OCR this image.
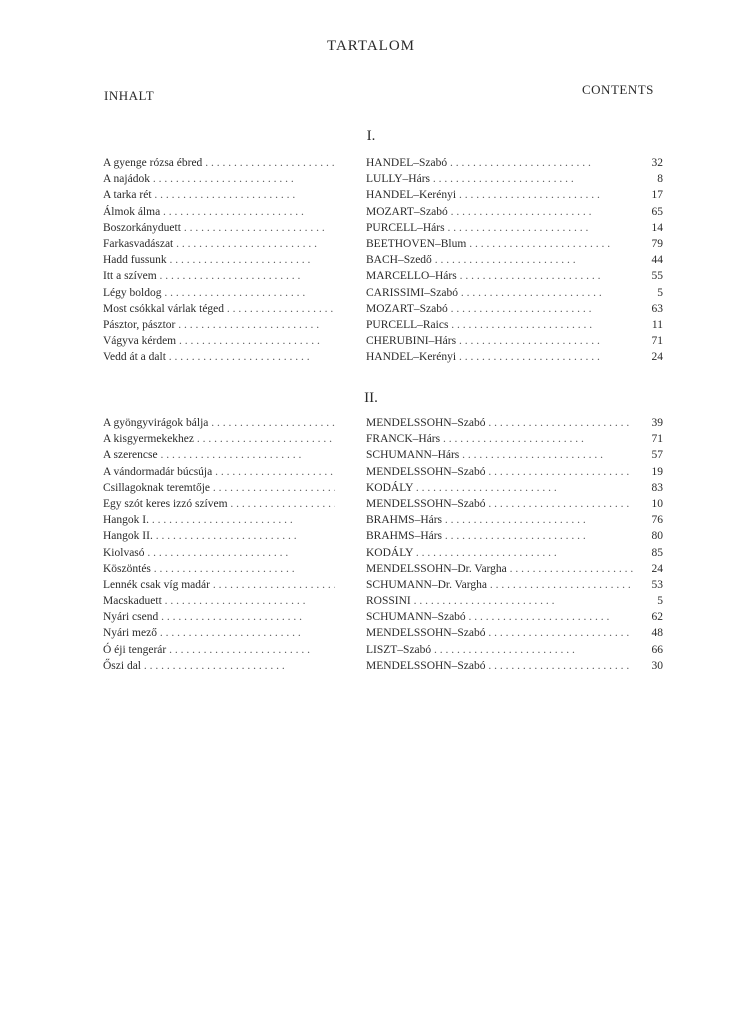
TARTALOM
INHALT	CONTENTS
I.
A gyenge rózsa ébred . .	HANDEL–Szabó . .	32
A najádok . .	LULLY–Hárs . .	8
A tarka rét . .	HANDEL–Kerényi . .	17
Álmok álma . .	MOZART–Szabó . .	65
Boszorkányduett . .	PURCELL–Hárs . .	14
Farkasvadászat . .	BEETHOVEN–Blum . .	79
Hadd fussunk . .	BACH–Szedő . .	44
Itt a szívem . .	MARCELLO–Hárs . .	55
Légy boldog . .	CARISSIMI–Szabó . .	5
Most csókkal várlak téged . .	MOZART–Szabó . .	63
Pásztor, pásztor . .	PURCELL–Raics . .	11
Vágyva kérdem . .	CHERUBINI–Hárs . .	71
Vedd át a dalt . .	HANDEL–Kerényi . .	24
II.
A gyöngyvirágok bálja . .	MENDELSSOHN–Szabó . .	39
A kisgyermekekhez . .	FRANCK–Hárs . .	71
A szerencse . .	SCHUMANN–Hárs . .	57
A vándormadár búcsúja . .	MENDELSSOHN–Szabó . .	19
Csillagoknak teremtője . .	KODÁLY . .	83
Egy szót keres izzó szívem . .	MENDELSSOHN–Szabó . .	10
Hangok I. . .	BRAHMS–Hárs . .	76
Hangok II. . .	BRAHMS–Hárs . .	80
Kiolvasó . .	KODÁLY . .	85
Köszöntés . .	MENDELSSOHN–Dr. Vargha . .	24
Lennék csak víg madár . .	SCHUMANN–Dr. Vargha . .	53
Macskaduett . .	ROSSINI . .	5
Nyári csend . .	SCHUMANN–Szabó . .	62
Nyári mező . .	MENDELSSOHN–Szabó . .	48
Ó éji tengerár . .	LISZT–Szabó . .	66
Őszi dal . .	MENDELSSOHN–Szabó . .	30
